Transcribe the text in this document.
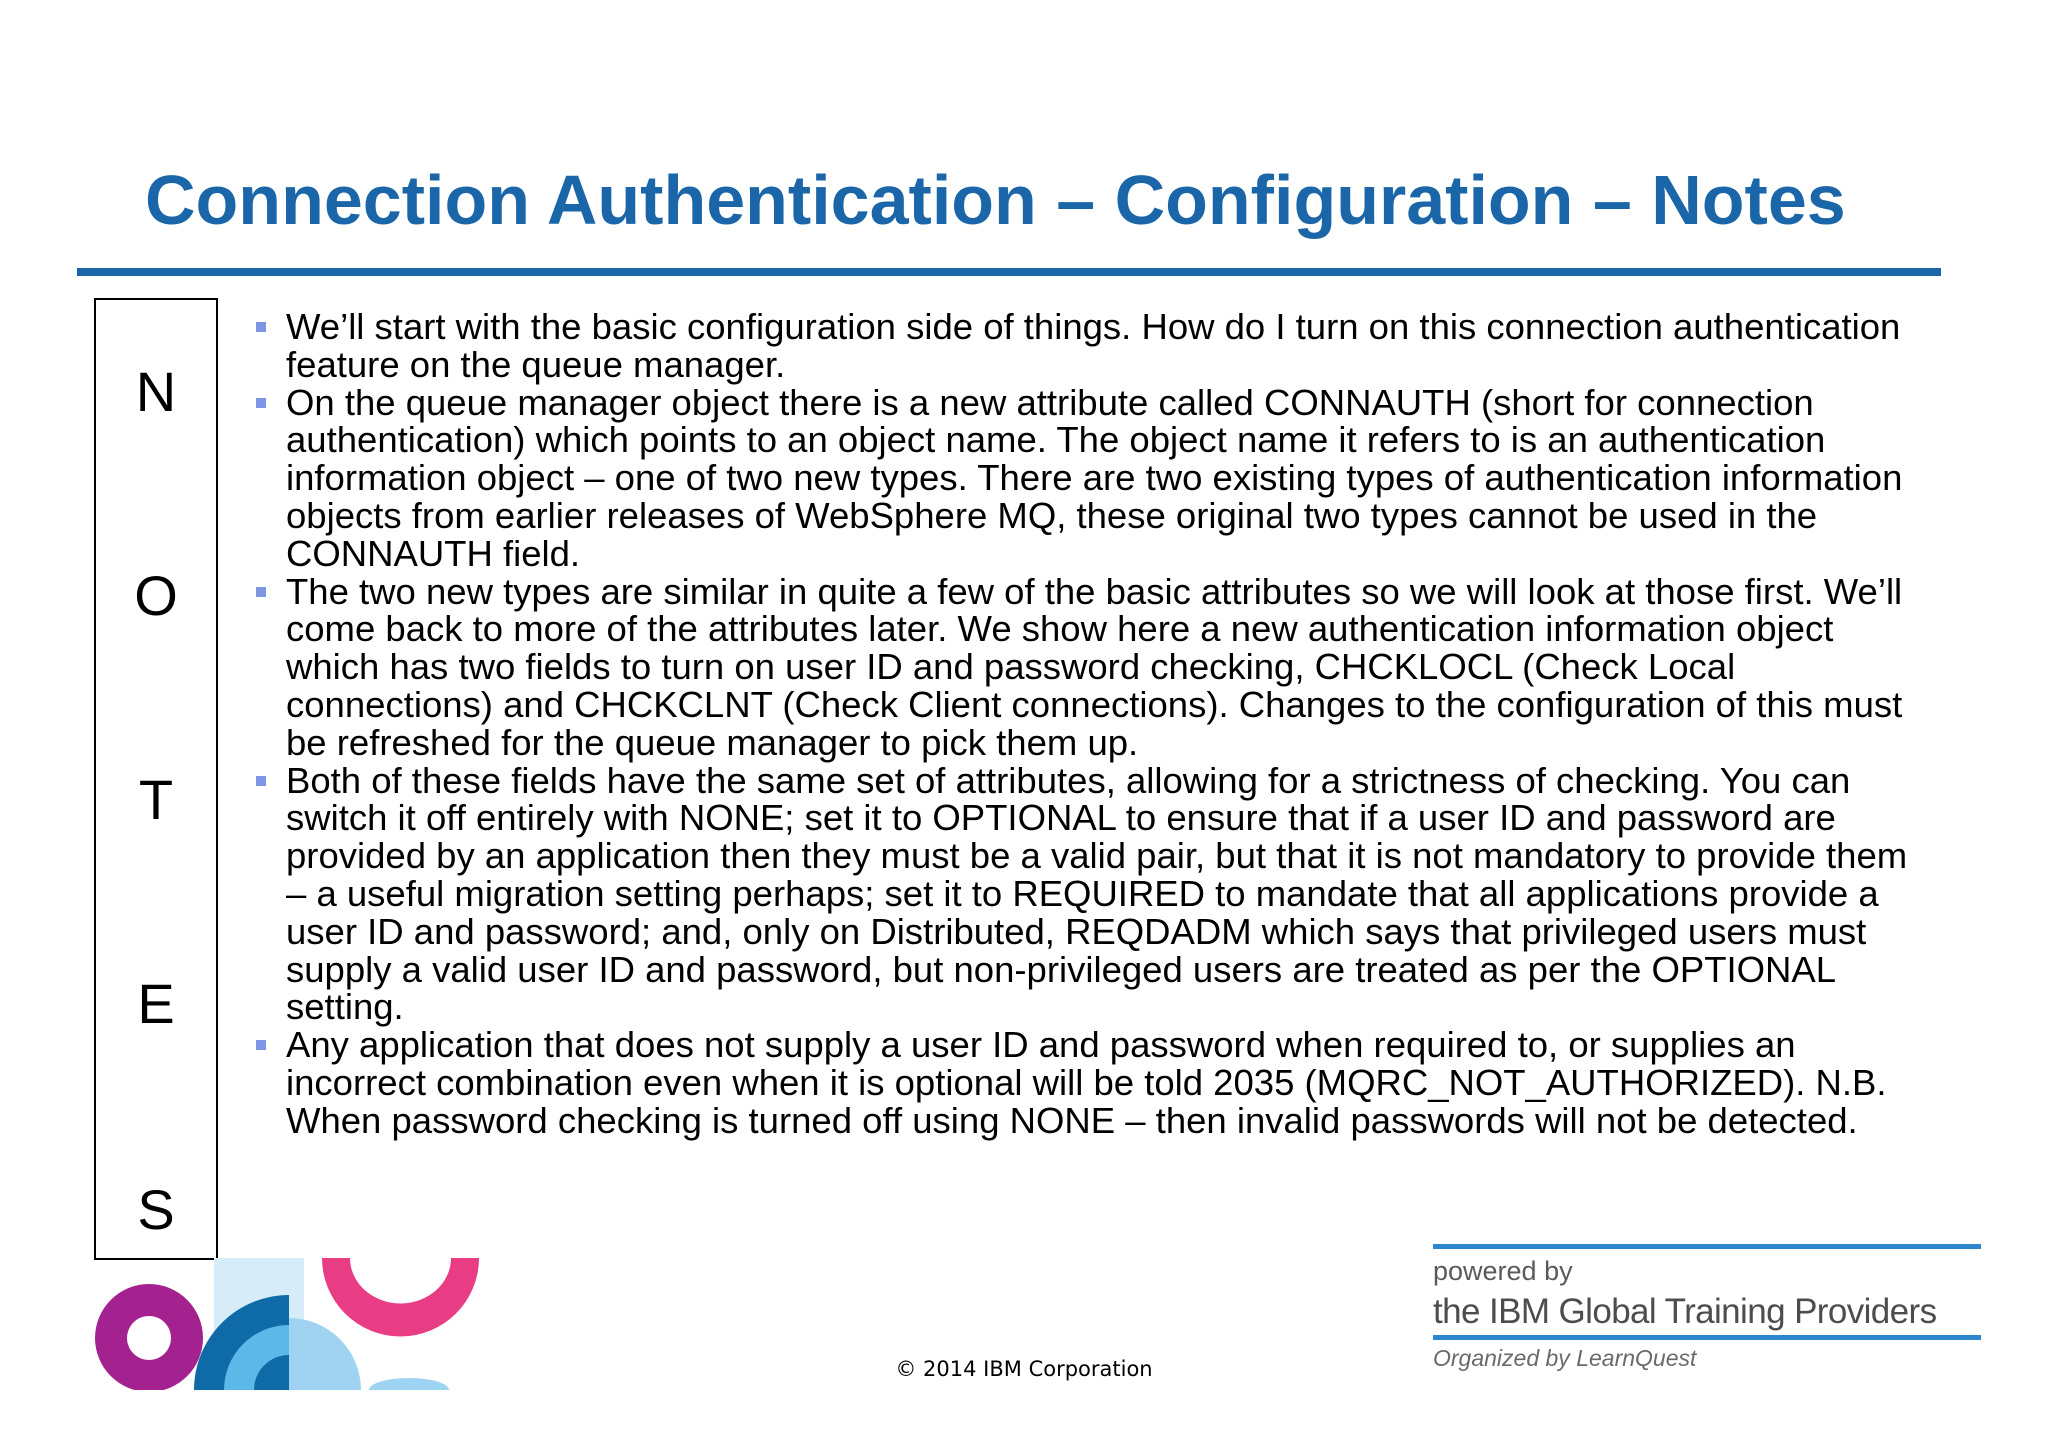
Connection Authentication – Configuration – Notes
N
O
T
E
S
We’ll start with the basic configuration side of things. How do I turn on this connection authentication feature on the queue manager.
On the queue manager object there is a new attribute called CONNAUTH (short for connection authentication) which points to an object name. The object name it refers to is an authentication information object – one of two new types. There are two existing types of authentication information objects from earlier releases of WebSphere MQ, these original two types cannot be used in the CONNAUTH field.
The two new types are similar in quite a few of the basic attributes so we will look at those first. We’ll come back to more of the attributes later. We show here a new authentication information object which has two fields to turn on user ID and password checking, CHCKLOCL (Check Local connections) and CHCKCLNT (Check Client connections). Changes to the configuration of this must be refreshed for the queue manager to pick them up.
Both of these fields have the same set of attributes, allowing for a strictness of checking. You can switch it off entirely with NONE; set it to OPTIONAL to ensure that if a user ID and password are provided by an application then they must be a valid pair, but that it is not mandatory to provide them – a useful migration setting perhaps; set it to REQUIRED to mandate that all applications provide a user ID and password; and, only on Distributed, REQDADM which says that privileged users must supply a valid user ID and password, but non-privileged users are treated as per the OPTIONAL setting.
Any application that does not supply a user ID and password when required to, or supplies an incorrect combination even when it is optional will be told 2035 (MQRC_NOT_AUTHORIZED). N.B. When password checking is turned off using NONE – then invalid passwords will not be detected.
© 2014 IBM Corporation
powered by
the IBM Global Training Providers
Organized by LearnQuest
